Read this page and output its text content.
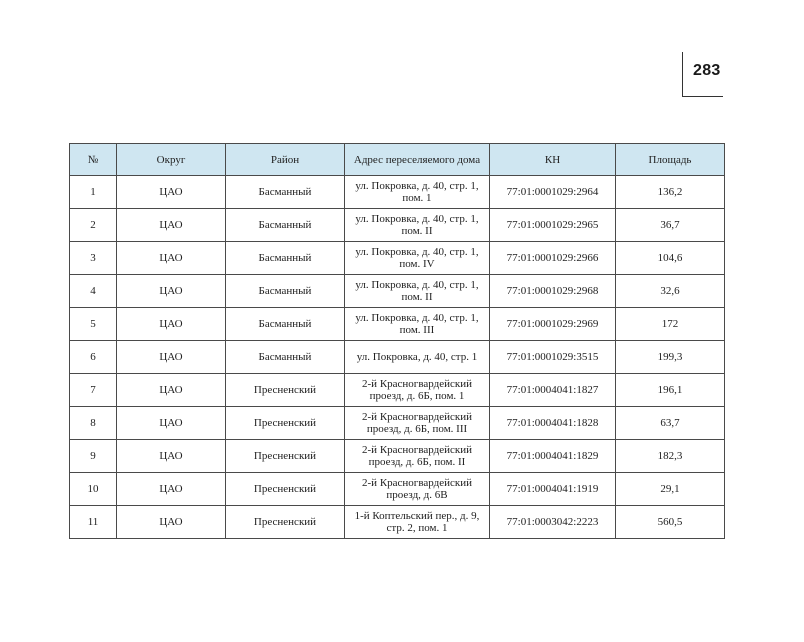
283
№	Округ	Район	Адрес переселяемого дома	КН	Площадь
1	ЦАО	Басманный	ул. Покровка, д. 40, стр. 1, пом. 1	77:01:0001029:2964	136,2
2	ЦАО	Басманный	ул. Покровка, д. 40, стр. 1, пом. II	77:01:0001029:2965	36,7
3	ЦАО	Басманный	ул. Покровка, д. 40, стр. 1, пом. IV	77:01:0001029:2966	104,6
4	ЦАО	Басманный	ул. Покровка, д. 40, стр. 1, пом. II	77:01:0001029:2968	32,6
5	ЦАО	Басманный	ул. Покровка, д. 40, стр. 1, пом. III	77:01:0001029:2969	172
6	ЦАО	Басманный	ул. Покровка, д. 40, стр. 1	77:01:0001029:3515	199,3
7	ЦАО	Пресненский	2-й Красногвардейский проезд, д. 6Б, пом. 1	77:01:0004041:1827	196,1
8	ЦАО	Пресненский	2-й Красногвардейский проезд, д. 6Б, пом. III	77:01:0004041:1828	63,7
9	ЦАО	Пресненский	2-й Красногвардейский проезд, д. 6Б, пом. II	77:01:0004041:1829	182,3
10	ЦАО	Пресненский	2-й Красногвардейский проезд, д. 6В	77:01:0004041:1919	29,1
11	ЦАО	Пресненский	1-й Коптельский пер., д. 9, стр. 2, пом. 1	77:01:0003042:2223	560,5
